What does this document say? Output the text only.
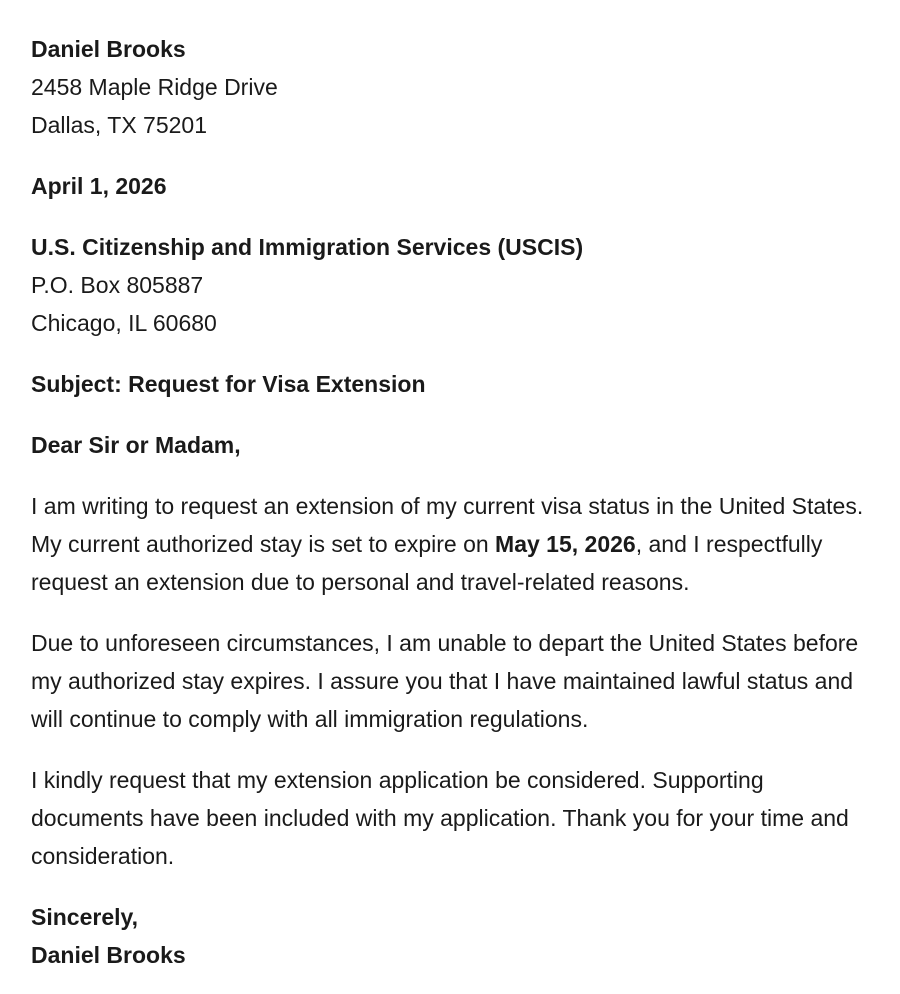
Daniel Brooks
2458 Maple Ridge Drive
Dallas, TX 75201
April 1, 2026
U.S. Citizenship and Immigration Services (USCIS)
P.O. Box 805887
Chicago, IL 60680
Subject: Request for Visa Extension
Dear Sir or Madam,

I am writing to request an extension of my current visa status in the United States. My current authorized stay is set to expire on May 15, 2026, and I respectfully request an extension due to personal and travel-related reasons.

Due to unforeseen circumstances, I am unable to depart the United States before my authorized stay expires. I assure you that I have maintained lawful status and will continue to comply with all immigration regulations.

I kindly request that my extension application be considered. Supporting documents have been included with my application. Thank you for your time and consideration.

Sincerely,
Daniel Brooks
